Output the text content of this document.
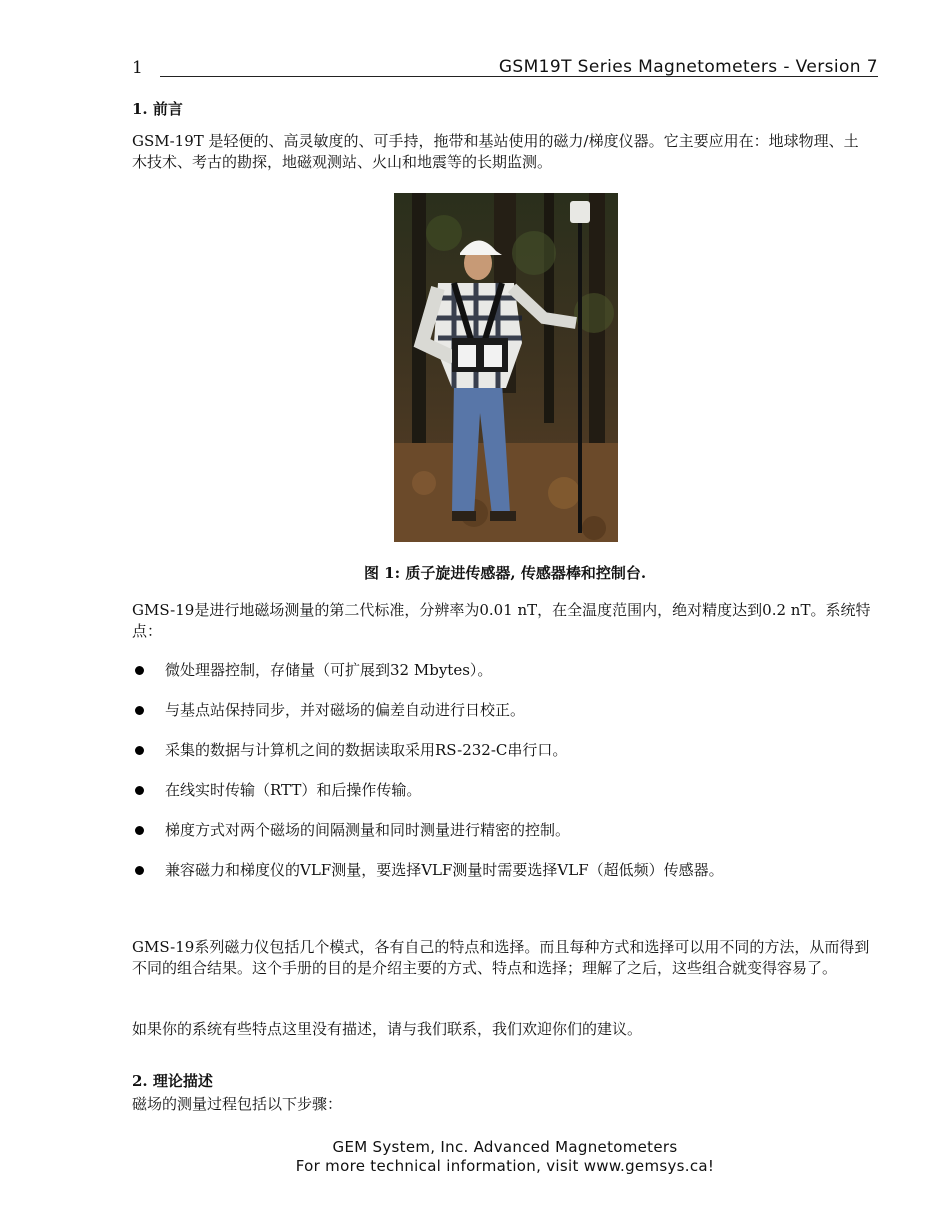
1	GSM19T Series Magnetometers - Version 7
1. 前言

GSM-19T 是轻便的、高灵敏度的、可手持，拖带和基站使用的磁力/梯度仪器。它主要应用在：地球物理、土木技术、考古的勘探，地磁观测站、火山和地震等的长期监测。

图 1: 质子旋进传感器, 传感器棒和控制台.

GMS-19是进行地磁场测量的第二代标准，分辨率为0.01 nT，在全温度范围内，绝对精度达到0.2 nT。系统特点：

微处理器控制，存储量（可扩展到32 Mbytes）。
与基点站保持同步，并对磁场的偏差自动进行日校正。
采集的数据与计算机之间的数据读取采用RS-232-C串行口。
在线实时传输（RTT）和后操作传输。
梯度方式对两个磁场的间隔测量和同时测量进行精密的控制。
兼容磁力和梯度仪的VLF测量，要选择VLF测量时需要选择VLF（超低频）传感器。

GMS-19系列磁力仪包括几个模式，各有自己的特点和选择。而且每种方式和选择可以用不同的方法，从而得到不同的组合结果。这个手册的目的是介绍主要的方式、特点和选择；理解了之后，这些组合就变得容易了。

如果你的系统有些特点这里没有描述，请与我们联系，我们欢迎你们的建议。

2. 理论描述

磁场的测量过程包括以下步骤：

GEM System, Inc. Advanced Magnetometers
For more technical information, visit www.gemsys.ca!
